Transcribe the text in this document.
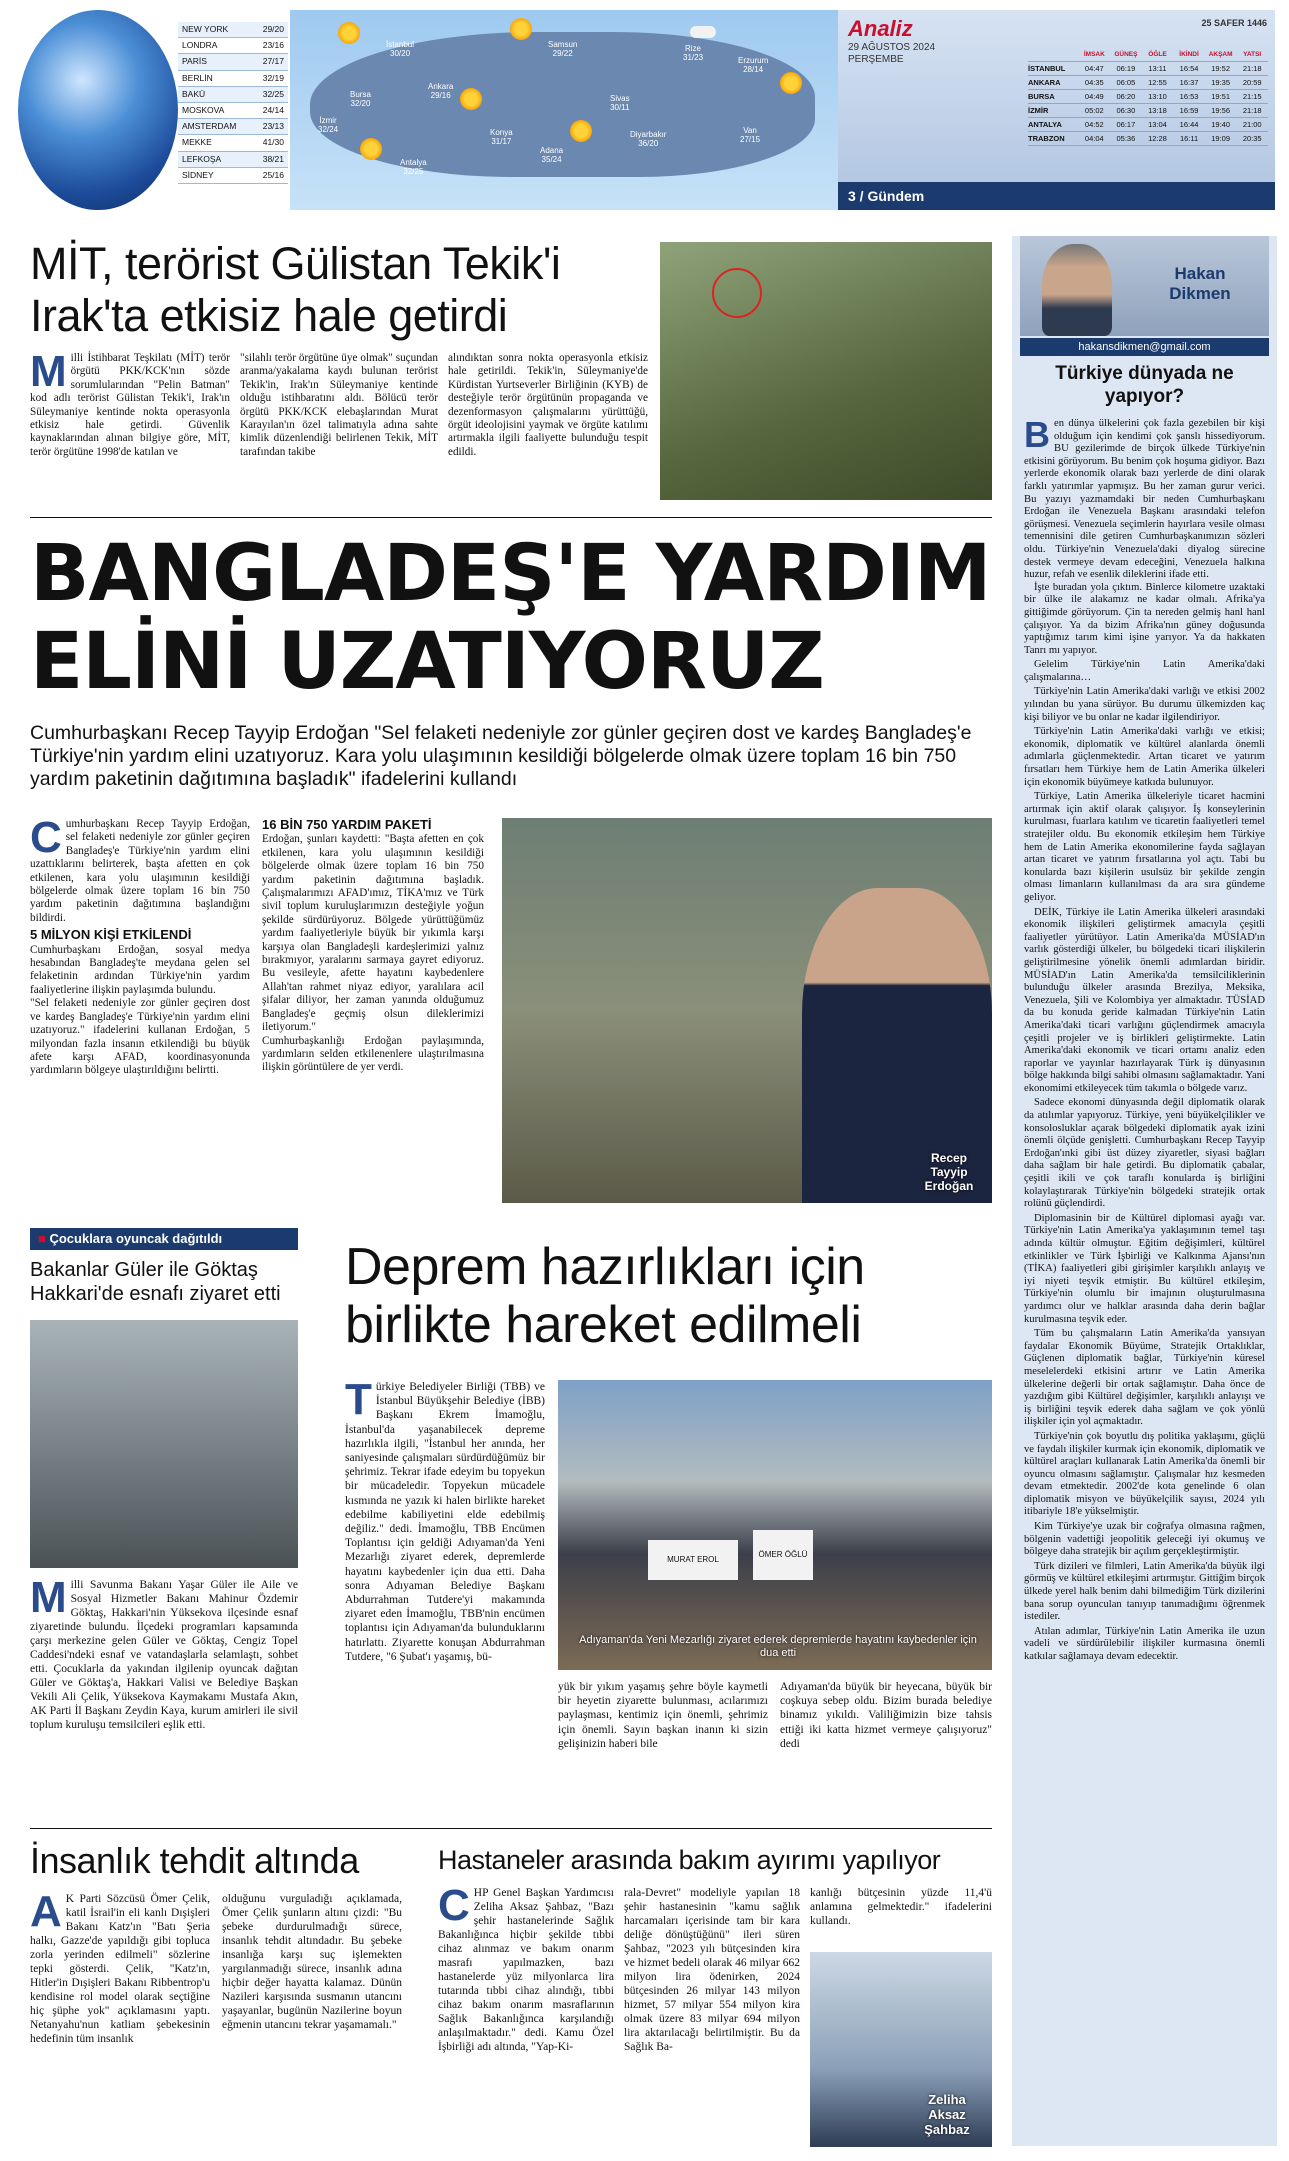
NEW YORK	29/20
LONDRA	23/16
PARİS	27/17
BERLİN	32/19
BAKÜ	32/25
MOSKOVA	24/14
AMSTERDAM	23/13
MEKKE	41/30
LEFKOŞA	38/21
SİDNEY	25/16
İstanbul
30/20
Samsun
29/22
Rize
31/23	Erzurum
28/14
Bursa
32/20
Ankara
29/16	Sivas
30/11
İzmir
32/24	Konya
31/17
Diyarbakır
36/20
Van
27/15
Antalya
32/25
Adana
35/24
Analiz	25 SAFER 1446
29 AĞUSTOS 2024
PERŞEMBE	İMSAK	GÜNEŞ	ÖĞLE	İKİNDİ	AKŞAM	YATSI
İSTANBUL	04:47	06:19	13:11	16:54	19:52	21:18
ANKARA	04:35	06:05	12:55	16:37	19:35	20:59
BURSA	04:49	06:20	13:10	16:53	19:51	21:15
İZMİR	05:02	06:30	13:18	16:59	19:56	21:18
ANTALYA	04:52	06:17	13:04	16:44	19:40	21:00
TRABZON	04:04	05:36	12:28	16:11	19:09	20:35
3 / Gündem
MİT, terörist Gülistan Tekik'i Irak'ta etkisiz hale getirdi
Milli İstihbarat Teşkilatı (MİT) terör örgütü PKK/KCK'nın sözde sorumlularından "Pelin Batman" kod adlı terörist Gülistan Tekik'i, Irak'ın Süleymaniye kentinde nokta operasyonla etkisiz hale getirdi. Güvenlik kaynaklarından alınan bilgiye göre, MİT, terör örgütüne 1998'de katılan ve
"silahlı terör örgütüne üye olmak" suçundan aranma/yakalama kaydı bulunan terörist Tekik'in, Irak'ın Süleymaniye kentinde olduğu istihbaratını aldı. Bölücü terör örgütü PKK/KCK elebaşlarından Murat Karayılan'ın özel talimatıyla adına sahte kimlik düzenlendiği belirlenen Tekik, MİT tarafından takibe
alındıktan sonra nokta operasyonla etkisiz hale getirildi. Tekik'in, Süleymaniye'de Kürdistan Yurtseverler Birliğinin (KYB) de desteğiyle terör örgütünün propaganda ve dezenformasyon çalışmalarını yürüttüğü, örgüt ideolojisini yaymak ve örgüte katılımı artırmakla ilgili faaliyette bulunduğu tespit edildi.
BANGLADEŞ'E YARDIM
ELİNİ UZATIYORUZ
Cumhurbaşkanı Recep Tayyip Erdoğan "Sel felaketi nedeniyle zor günler geçiren dost ve kardeş Bangladeş'e Türkiye'nin yardım elini uzatıyoruz. Kara yolu ulaşımının kesildiği bölgelerde olmak üzere toplam 16 bin 750 yardım paketinin dağıtımına başladık" ifadelerini kullandı
Cumhurbaşkanı Recep Tayyip Erdoğan, sel felaketi nedeniyle zor günler geçiren Bangladeş'e Türkiye'nin yardım elini uzattıklarını belirterek, başta afetten en çok etkilenen, kara yolu ulaşımının kesildiği bölgelerde olmak üzere toplam 16 bin 750 yardım paketinin dağıtımına başlandığını bildirdi.
5 MİLYON KİŞİ ETKİLENDİ

Cumhurbaşkanı Erdoğan, sosyal medya hesabından Bangladeş'te meydana gelen sel felaketinin ardından Türkiye'nin yardım faaliyetlerine ilişkin paylaşımda bulundu.

"Sel felaketi nedeniyle zor günler geçiren dost ve kardeş Bangladeş'e Türkiye'nin yardım elini uzatıyoruz." ifadelerini kullanan Erdoğan, 5 milyondan fazla insanın etkilendiği bu büyük afete karşı AFAD, koordinasyonunda yardımların bölgeye ulaştırıldığını belirtti.

16 BİN 750 YARDIM PAKETİ

Erdoğan, şunları kaydetti: "Başta afetten en çok etkilenen, kara yolu ulaşımının kesildiği bölgelerde olmak üzere toplam 16 bin 750 yardım paketinin dağıtımına başladık. Çalışmalarımızı AFAD'ımız, TİKA'mız ve Türk sivil toplum kuruluşlarımızın desteğiyle yoğun şekilde sürdürüyoruz. Bölgede yürüttüğümüz yardım faaliyetleriyle büyük bir yıkımla karşı karşıya olan Bangladeşli kardeşlerimizi yalnız bırakmıyor, yaralarını sarmaya gayret ediyoruz. Bu vesileyle, afette hayatını kaybedenlere Allah'tan rahmet niyaz ediyor, yaralılara acil şifalar diliyor, her zaman yanında olduğumuz Bangladeş'e geçmiş olsun dileklerimizi iletiyorum."

Cumhurbaşkanlığı Erdoğan paylaşımında, yardımların selden etkilenenlere ulaştırılmasına ilişkin görüntülere de yer verdi.

Recep Tayyip Erdoğan
■ Çocuklara oyuncak dağıtıldı
Bakanlar Güler ile Göktaş Hakkari'de esnafı ziyaret etti
Milli Savunma Bakanı Yaşar Güler ile Aile ve Sosyal Hizmetler Bakanı Mahinur Özdemir Göktaş, Hakkari'nin Yüksekova ilçesinde esnaf ziyaretinde bulundu. İlçedeki programları kapsamında çarşı merkezine gelen Güler ve Göktaş, Cengiz Topel Caddesi'ndeki esnaf ve vatandaşlarla selamlaştı, sohbet etti. Çocuklarla da yakından ilgilenip oyuncak dağıtan Güler ve Göktaş'a, Hakkari Valisi ve Belediye Başkan Vekili Ali Çelik, Yüksekova Kaymakamı Mustafa Akın, AK Parti İl Başkanı Zeydin Kaya, kurum amirleri ile sivil toplum kuruluşu temsilcileri eşlik etti.
Deprem hazırlıkları için
birlikte hareket edilmeli
Türkiye Belediyeler Birliği (TBB) ve İstanbul Büyükşehir Belediye (İBB) Başkanı Ekrem İmamoğlu, İstanbul'da yaşanabilecek depreme hazırlıkla ilgili, "İstanbul her anında, her saniyesinde çalışmaları sürdürdüğümüz bir şehrimiz. Tekrar ifade edeyim bu topyekun bir mücadeledir. Topyekun mücadele kısmında ne yazık ki halen birlikte hareket edebilme kabiliyetini elde edebilmiş değiliz." dedi. İmamoğlu, TBB Encümen Toplantısı için geldiği Adıyaman'da Yeni Mezarlığı ziyaret ederek, depremlerde hayatını kaybedenler için dua etti. Daha sonra Adıyaman Belediye Başkanı Abdurrahman Tutdere'yi makamında ziyaret eden İmamoğlu, TBB'nin encümen toplantısı için Adıyaman'da bulunduklarını hatırlattı. Ziyarette konuşan Abdurrahman Tutdere, "6 Şubat'ı yaşamış, bü-
MURAT EROL
ÖMER ÖĞLÜ
Adıyaman'da Yeni Mezarlığı ziyaret ederek depremlerde hayatını kaybedenler için dua etti
yük bir yıkım yaşamış şehre böyle kaymetli bir heyetin ziyarette bulunması, acılarımızı paylaşması, kentimiz için önemli, şehrimiz için önemli. Sayın başkan inanın ki sizin gelişinizin haberi bile
Adıyaman'da büyük bir heyecana, büyük bir coşkuya sebep oldu. Bizim burada belediye binamız yıkıldı. Valiliğimizin bize tahsis ettiği iki katta hizmet vermeye çalışıyoruz" dedi
İnsanlık tehdit altında
A K Parti Sözcüsü Ömer Çelik, katil İsrail'in eli kanlı Dışişleri Bakanı Katz'ın "Batı Şeria halkı, Gazze'de yapıldığı gibi topluca zorla yerinden edilmeli" sözlerine tepki gösterdi. Çelik, "Katz'ın, Hitler'in Dışişleri Bakanı Ribbentrop'u kendisine rol model olarak seçtiğine hiç şüphe yok" açıklamasını yaptı. Netanyahu'nun katliam şebekesinin hedefinin tüm insanlık
olduğunu vurguladığı açıklamada, Ömer Çelik şunların altını çizdi: "Bu şebeke durdurulmadığı sürece, insanlık tehdit altındadır. Bu şebeke insanlığa karşı suç işlemekten yargılanmadığı sürece, insanlık adına hiçbir değer hayatta kalamaz. Dünün Nazileri karşısında susmanın utancını yaşayanlar, bugünün Nazilerine boyun eğmenin utancını tekrar yaşamamalı."
Hastaneler arasında bakım ayırımı yapılıyor
CHP Genel Başkan Yardımcısı Zeliha Aksaz Şahbaz, "Bazı şehir hastanelerinde Sağlık Bakanlığınca hiçbir şekilde tıbbi cihaz alınmaz ve bakım onarım masrafı yapılmazken, bazı hastanelerde yüz milyonlarca lira tutarında tıbbi cihaz alındığı, tıbbi cihaz bakım onarım masraflarının Sağlık Bakanlığınca karşılandığı anlaşılmaktadır." dedi. Kamu Özel İşbirliği adı altında, "Yap-Ki-
rala-Devret" modeliyle yapılan 18 şehir hastanesinin "kamu sağlık harcamaları içerisinde tam bir kara deliğe dönüştüğünü" ileri süren Şahbaz, "2023 yılı bütçesinden kira ve hizmet bedeli olarak 46 milyar 662 milyon lira ödenirken, 2024 bütçesinden 26 milyar 143 milyon hizmet, 57 milyar 554 milyon kira olmak üzere 83 milyar 694 milyon lira aktarılacağı belirtilmiştir. Bu da Sağlık Ba-
kanlığı bütçesinin yüzde 11,4'ü anlamına gelmektedir." ifadelerini kullandı.
Zeliha Aksaz Şahbaz
Hakan
Dikmen
hakansdikmen@gmail.com
Türkiye dünyada ne yapıyor?
Ben dünya ülkelerini çok fazla gezebilen bir kişi olduğum için kendimi çok şanslı hissediyorum. BU gezilerimde de birçok ülkede Türkiye'nin etkisini görüyorum. Bu benim çok hoşuma gidiyor. Bazı yerlerde ekonomik olarak bazı yerlerde de dini olarak farklı yatırımlar yapmışız. Bu her zaman gurur verici. Bu yazıyı yazmamdaki bir neden Cumhurbaşkanı Erdoğan ile Venezuela Başkanı arasındaki telefon görüşmesi. Venezuela seçimlerin hayırlara vesile olması temennisini dile getiren Cumhurbaşkanımızın sözleri oldu. Türkiye'nin Venezuela'daki diyalog sürecine destek vermeye devam edeceğini, Venezuela halkına huzur, refah ve esenlik dileklerini ifade etti.

İşte buradan yola çıktım. Binlerce kilometre uzaktaki bir ülke ile alakamız ne kadar olmalı. Afrika'ya gittiğimde görüyorum. Çin ta nereden gelmiş hanl hanl çalışıyor. Ya da bizim Afrika'nın güney doğusunda yaptığımız tarım kimi işine yarıyor. Ya da hakkaten Tanrı mı yapıyor.

Gelelim Türkiye'nin Latin Amerika'daki çalışmalarına…

Türkiye'nin Latin Amerika'daki varlığı ve etkisi 2002 yılından bu yana sürüyor. Bu durumu ülkemizden kaç kişi biliyor ve bu onlar ne kadar ilgilendiriyor.

Türkiye'nin Latin Amerika'daki varlığı ve etkisi; ekonomik, diplomatik ve kültürel alanlarda önemli adımlarla güçlenmektedir. Artan ticaret ve yatırım fırsatları hem Türkiye hem de Latin Amerika ülkeleri için ekonomik büyümeye katkıda bulunuyor.

Türkiye, Latin Amerika ülkeleriyle ticaret hacmini artırmak için aktif olarak çalışıyor. İş konseylerinin kurulması, fuarlara katılım ve ticaretin faaliyetleri temel stratejiler oldu. Bu ekonomik etkileşim hem Türkiye hem de Latin Amerika ekonomilerine fayda sağlayan artan ticaret ve yatırım fırsatlarına yol açtı. Tabi bu konularda bazı kişilerin usulsüz bir şekilde zengin olması limanların kullanılması da ara sıra gündeme geliyor.

DEİK, Türkiye ile Latin Amerika ülkeleri arasındaki ekonomik ilişkileri geliştirmek amacıyla çeşitli faaliyetler yürütüyor. Latin Amerika'da MÜSİAD'ın varlık gösterdiği ülkeler, bu bölgedeki ticari ilişkilerin geliştirilmesine yönelik önemli adımlardan biridir. MÜSİAD'ın Latin Amerika'da temsilciliklerinin bulunduğu ülkeler arasında Brezilya, Meksika, Venezuela, Şili ve Kolombiya yer almaktadır. TÜSİAD da bu konuda geride kalmadan Türkiye'nin Latin Amerika'daki ticari varlığını güçlendirmek amacıyla çeşitli projeler ve iş birlikleri geliştirmekte. Latin Amerika'daki ekonomik ve ticari ortamı analiz eden raporlar ve yayınlar hazırlayarak Türk iş dünyasının bölge hakkında bilgi sahibi olmasını sağlamaktadır. Yani ekonomimi etkileyecek tüm takımla o bölgede varız.

Sadece ekonomi dünyasında değil diplomatik olarak da atılımlar yapıyoruz. Türkiye, yeni büyükelçilikler ve konsolosluklar açarak bölgedeki diplomatik ayak izini önemli ölçüde genişletti. Cumhurbaşkanı Recep Tayyip Erdoğan'ınki gibi üst düzey ziyaretler, siyasi bağları daha sağlam bir hale getirdi. Bu diplomatik çabalar, çeşitli ikili ve çok taraflı konularda iş birliğini kolaylaştırarak Türkiye'nin bölgedeki stratejik ortak rolünü güçlendirdi.

Diplomasinin bir de Kültürel diplomasi ayağı var. Türkiye'nin Latin Amerika'ya yaklaşımının temel taşı adında kültür olmuştur. Eğitim değişimleri, kültürel etkinlikler ve Türk İşbirliği ve Kalkınma Ajansı'nın (TİKA) faaliyetleri gibi girişimler karşılıklı anlayış ve iyi niyeti teşvik etmiştir. Bu kültürel etkileşim, Türkiye'nin olumlu bir imajının oluşturulmasına yardımcı olur ve halklar arasında daha derin bağlar kurulmasına teşvik eder.

Tüm bu çalışmaların Latin Amerika'da yansıyan faydalar Ekonomik Büyüme, Stratejik Ortaklıklar, Güçlenen diplomatik bağlar, Türkiye'nin küresel meselelerdeki etkisini artırır ve Latin Amerika ülkelerine değerli bir ortak sağlamıştır. Daha önce de yazdığım gibi Kültürel değişimler, karşılıklı anlayışı ve iş birliğini teşvik ederek daha sağlam ve çok yönlü ilişkiler için yol açmaktadır.

Türkiye'nin çok boyutlu dış politika yaklaşımı, güçlü ve faydalı ilişkiler kurmak için ekonomik, diplomatik ve kültürel araçları kullanarak Latin Amerika'da önemli bir oyuncu olmasını sağlamıştır. Çalışmalar hız kesmeden devam etmektedir. 2002'de kota genelinde 6 olan diplomatik misyon ve büyükelçilik sayısı, 2024 yılı itibariyle 18'e yükselmiştir.

Kim Türkiye'ye uzak bir coğrafya olmasına rağmen, bölgenin vadettiği jeopolitik geleceği iyi okumuş ve bölgeye daha stratejik bir açılım gerçekleştirmiştir.

Türk dizileri ve filmleri, Latin Amerika'da büyük ilgi görmüş ve kültürel etkileşimi artırmıştır. Gittiğim birçok ülkede yerel halk benim dahi bilmediğim Türk dizilerini bana sorup oyunculan tanıyıp tanımadığımı öğrenmek istediler.

Atılan adımlar, Türkiye'nin Latin Amerika ile uzun vadeli ve sürdürülebilir ilişkiler kurmasına önemli katkılar sağlamaya devam edecektir.
